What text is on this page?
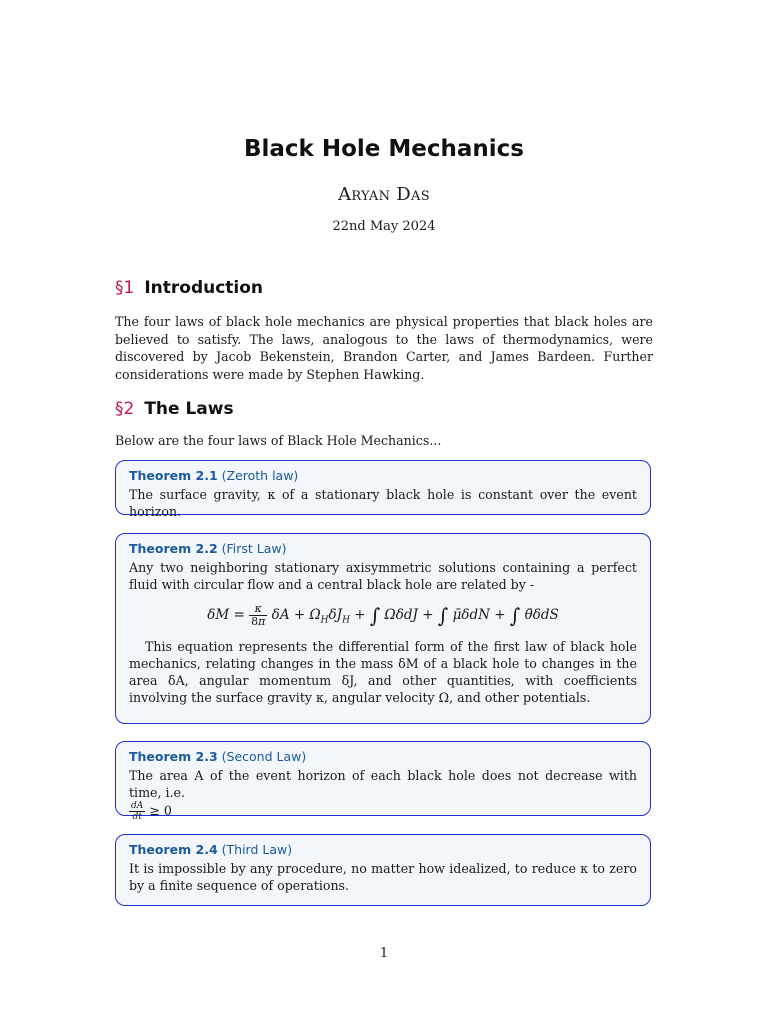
Black Hole Mechanics
Aryan Das
22nd May 2024
§1 Introduction
The four laws of black hole mechanics are physical properties that black holes are believed to satisfy. The laws, analogous to the laws of thermodynamics, were discovered by Jacob Bekenstein, Brandon Carter, and James Bardeen. Further considerations were made by Stephen Hawking.
§2 The Laws
Below are the four laws of Black Hole Mechanics...
Theorem 2.1 (Zeroth law)
The surface gravity, κ of a stationary black hole is constant over the event horizon.
Theorem 2.2 (First Law)
Any two neighboring stationary axisymmetric solutions containing a perfect fluid with circular flow and a central black hole are related by -
$\delta M = \frac{\kappa}{8\pi}$ $\delta A + \Omega_H\delta J_H$ + ∫ ΩδdJ + ∫ μ̄δdN + ∫ θ̄δdS
This equation represents the differential form of the first law of black hole mechanics, relating changes in the mass δM of a black hole to changes in the area δA, angular momentum δJ, and other quantities, with coefficients involving the surface gravity κ, angular velocity Ω, and other potentials.
Theorem 2.3 (Second Law)
The area A of the event horizon of each black hole does not decrease with time, i.e.
$\frac{dA}{dt} \ge 0$
Theorem 2.4 (Third Law)
It is impossible by any procedure, no matter how idealized, to reduce κ to zero by a finite sequence of operations.
1
